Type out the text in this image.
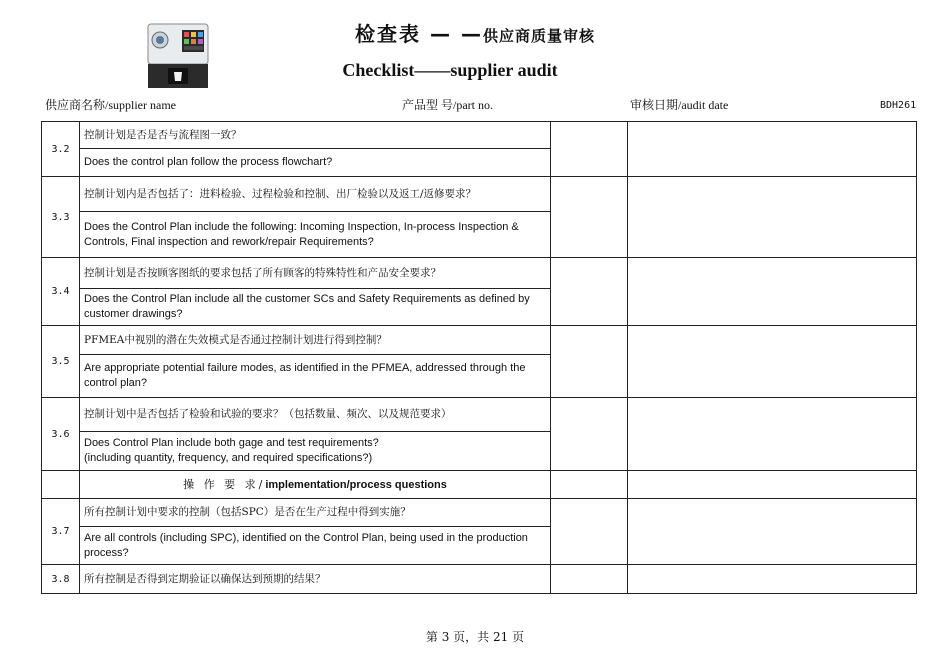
检查表 — —供应商质量审核
Checklist——supplier audit
供应商名称/supplier name	产品型 号/part no.	审核日期/audit date	BDH261
3.2	控制计划是否是否与流程图一致？		
	Does the control plan follow the process flowchart?		
3.3	控制计划内是否包括了：进料检验、过程检验和控制、出厂检验以及返工/返修要求？		
	Does the Control Plan include the following: Incoming Inspection, In-process Inspection & Controls, Final inspection and rework/repair Requirements?		
3.4	控制计划是否按顾客图纸的要求包括了所有顾客的特殊特性和产品安全要求？		
	Does the Control Plan include all the customer SCs and Safety Requirements as defined by customer drawings?		
3.5	PFMEA中视别的潜在失效模式是否通过控制计划进行得到控制？		
	Are appropriate potential failure modes, as identified in the PFMEA, addressed through the control plan?		
3.6	控制计划中是否包括了检验和试验的要求？（包括数量、频次、以及规范要求）		
	Does Control Plan include both gage and test requirements?
(including quantity, frequency, and required specifications?)		
	操 作 要 求/implementation/process questions		
3.7	所有控制计划中要求的控制（包括SPC）是否在生产过程中得到实施？		
	Are all controls (including SPC), identified on the Control Plan, being used in the production process?		
3.8	所有控制是否得到定期验证以确保达到预期的结果？		
第 3 页，共 21 页
